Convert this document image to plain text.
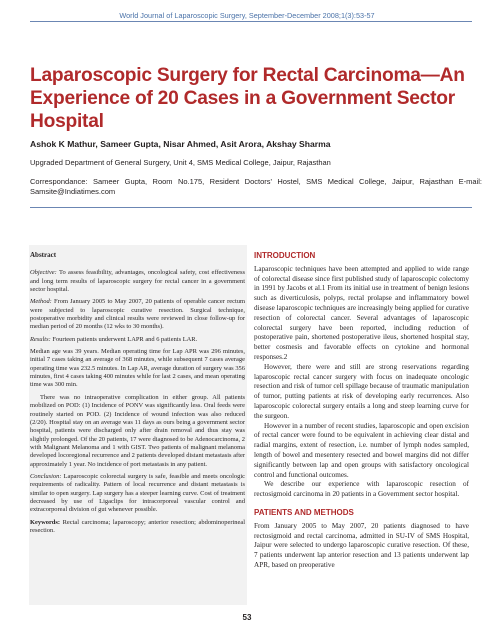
World Journal of Laparoscopic Surgery, September-December 2008;1(3):53-57
Laparoscopic Surgery for Rectal Carcinoma—An Experience of 20 Cases in a Government Sector Hospital
Ashok K Mathur, Sameer Gupta, Nisar Ahmed, Asit Arora, Akshay Sharma
Upgraded Department of General Surgery, Unit 4, SMS Medical College, Jaipur, Rajasthan
Correspondance: Sameer Gupta, Room No.175, Resident Doctors' Hostel, SMS Medical College, Jaipur, Rajasthan E-mail: Samsite@Indiatimes.com

Abstract

Objective: To assess feasibility, advantages, oncological safety, cost effectiveness and long term results of laparoscopic surgery for rectal cancer in a government sector hospital.

Method: From January 2005 to May 2007, 20 patients of operable cancer rectum were subjected to laparoscopic curative resection. Surgical technique, postoperative morbidity and clinical results were reviewed in close follow-up for median period of 20 months (12 wks to 30 months).

Results: Fourteen patients underwent LAPR and 6 patients LAR.

Median age was 39 years. Median operating time for Lap APR was 296 minutes, initial 7 cases taking an average of 368 minutes, while subsequent 7 cases average operating time was 232.5 minutes. In Lap AR, average duration of surgery was 356 minutes, first 4 cases taking 400 minutes while for last 2 cases, and mean operating time was 300 min.

There was no intraoperative complication in either group. All patients mobilized on POD: (1) Incidence of PONV was significantly less. Oral feeds were routinely started on POD. (2) Incidence of wound infection was also reduced (2/20). Hospital stay on an average was 11 days as ours being a government sector hospital, patients were discharged only after drain removal and thus stay was slightly prolonged. Of the 20 patients, 17 were diagnosed to be Adenocarcinoma, 2 with Malignant Melanoma and 1 with GIST. Two patients of malignant melanoma developed locoregional recurrence and 2 patients developed distant metastasis after approximately 1 year. No incidence of port metastasis in any patient.

Conclusion: Laparoscopic colorectal surgery is safe, feasible and meets oncologic requirements of radicality. Pattern of local recurrence and distant metastasis is similar to open surgery. Lap surgery has a steeper learning curve. Cost of treatment decreased by use of Ligaclips for intracorporeal vascular control and extracorporeal division of gut whenever possible.

Keywords: Rectal carcinoma; laparoscopy; anterior resection; abdominoperineal resection.

INTRODUCTION

Laparoscopic techniques have been attempted and applied to wide range of colorectal disease since first published study of laparoscopic colectomy in 1991 by Jacobs et al.1 From its initial use in treatment of benign lesions such as diverticulosis, polyps, rectal prolapse and inflammatory bowel disease laparoscopic techniques are increasingly being applied for curative resection of colorectal cancer. Several advantages of laparoscopic colorectal surgery have been reported, including reduction of postoperative pain, shortened postoperative ileus, shortened hospital stay, better cosmesis and favorable effects on cytokine and hormonal responses.2

However, there were and still are strong reservations regarding laparoscopic rectal cancer surgery with focus on inadequate oncologic resection and risk of tumor cell spillage because of traumatic manipulation of tumor, putting patients at risk of developing early recurrences. Also laparoscopic colorectal surgery entails a long and steep learning curve for the surgeon.

However in a number of recent studies, laparoscopic and open excision of rectal cancer were found to be equivalent in achieving clear distal and radial margins, extent of resection, i.e. number of lymph nodes sampled, length of bowel and mesentery resected and bowel margins did not differ significantly between lap and open groups with satisfactory oncological control and functional outcomes.

We describe our experience with laparoscopic resection of rectosigmoid carcinoma in 20 patients in a Government sector hospital.

PATIENTS AND METHODS

From January 2005 to May 2007, 20 patients diagnosed to have rectosigmoid and rectal carcinoma, admitted in SU-IV of SMS Hospital, Jaipur were selected to undergo laparoscopic curative resection. Of these, 7 patients underwent lap anterior resection and 13 patients underwent lap APR, based on preoperative

53
